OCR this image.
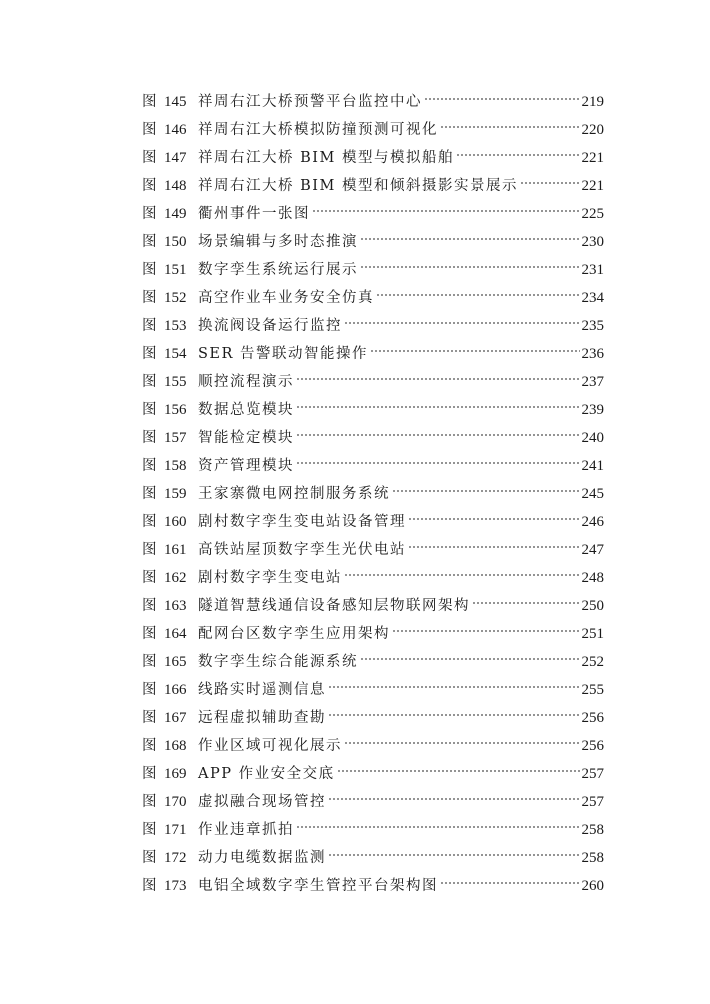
图 145 祥周右江大桥预警平台监控中心	219
图 146 祥周右江大桥模拟防撞预测可视化	220
图 147 祥周右江大桥 BIM 模型与模拟船舶	221
图 148 祥周右江大桥 BIM 模型和倾斜摄影实景展示	221
图 149 衢州事件一张图	225
图 150 场景编辑与多时态推演	230
图 151 数字孪生系统运行展示	231
图 152 高空作业车业务安全仿真	234
图 153 换流阀设备运行监控	235
图 154 SER 告警联动智能操作	236
图 155 顺控流程演示	237
图 156 数据总览模块	239
图 157 智能检定模块	240
图 158 资产管理模块	241
图 159 王家寨微电网控制服务系统	245
图 160 剧村数字孪生变电站设备管理	246
图 161 高铁站屋顶数字孪生光伏电站	247
图 162 剧村数字孪生变电站	248
图 163 隧道智慧线通信设备感知层物联网架构	250
图 164 配网台区数字孪生应用架构	251
图 165 数字孪生综合能源系统	252
图 166 线路实时遥测信息	255
图 167 远程虚拟辅助查勘	256
图 168 作业区域可视化展示	256
图 169 APP 作业安全交底	257
图 170 虚拟融合现场管控	257
图 171 作业违章抓拍	258
图 172 动力电缆数据监测	258
图 173 电铝全域数字孪生管控平台架构图	260
